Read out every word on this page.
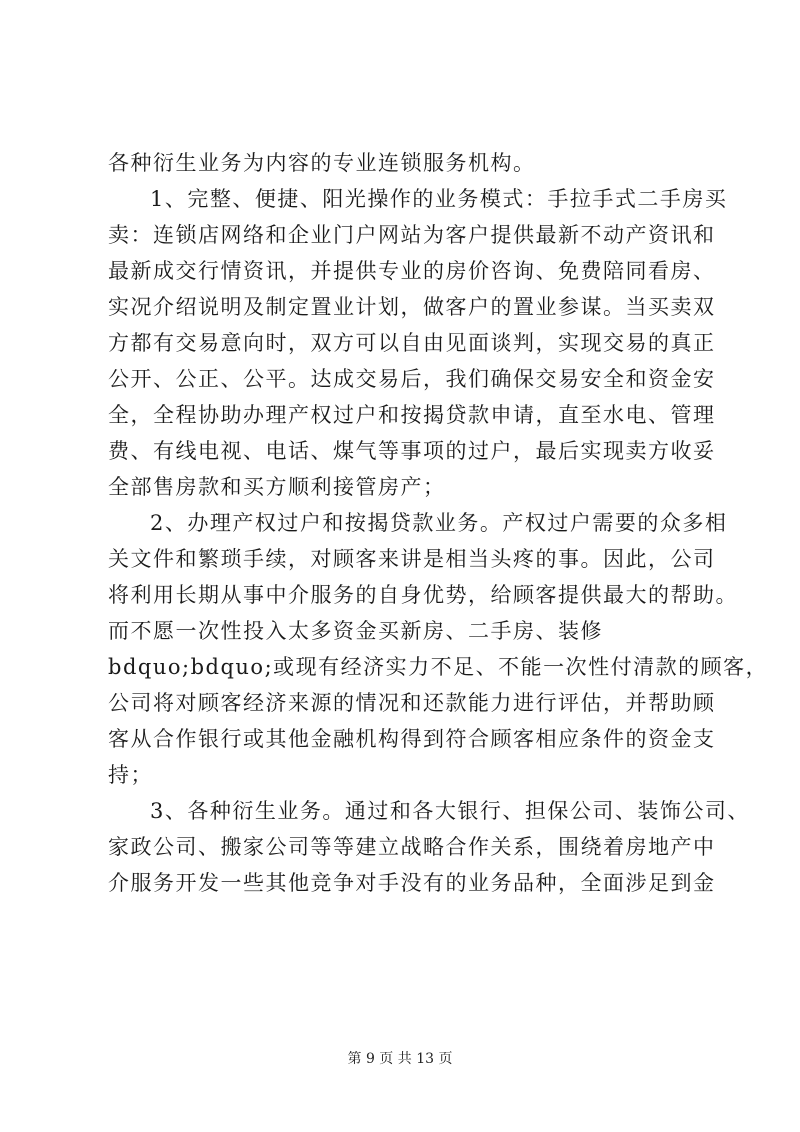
各种衍生业务为内容的专业连锁服务机构。
1、完整、便捷、阳光操作的业务模式：手拉手式二手房买
卖：连锁店网络和企业门户网站为客户提供最新不动产资讯和
最新成交行情资讯，并提供专业的房价咨询、免费陪同看房、
实况介绍说明及制定置业计划，做客户的置业参谋。当买卖双
方都有交易意向时，双方可以自由见面谈判，实现交易的真正
公开、公正、公平。达成交易后，我们确保交易安全和资金安
全，全程协助办理产权过户和按揭贷款申请，直至水电、管理
费、有线电视、电话、煤气等事项的过户，最后实现卖方收妥
全部售房款和买方顺利接管房产；
2、办理产权过户和按揭贷款业务。产权过户需要的众多相
关文件和繁琐手续，对顾客来讲是相当头疼的事。因此，公司
将利用长期从事中介服务的自身优势，给顾客提供最大的帮助。
而不愿一次性投入太多资金买新房、二手房、装修
bdquo;bdquo;或现有经济实力不足、不能一次性付清款的顾客，
公司将对顾客经济来源的情况和还款能力进行评估，并帮助顾
客从合作银行或其他金融机构得到符合顾客相应条件的资金支
持；
3、各种衍生业务。通过和各大银行、担保公司、装饰公司、
家政公司、搬家公司等等建立战略合作关系，围绕着房地产中
介服务开发一些其他竞争对手没有的业务品种，全面涉足到金
第 9 页 共 13 页
